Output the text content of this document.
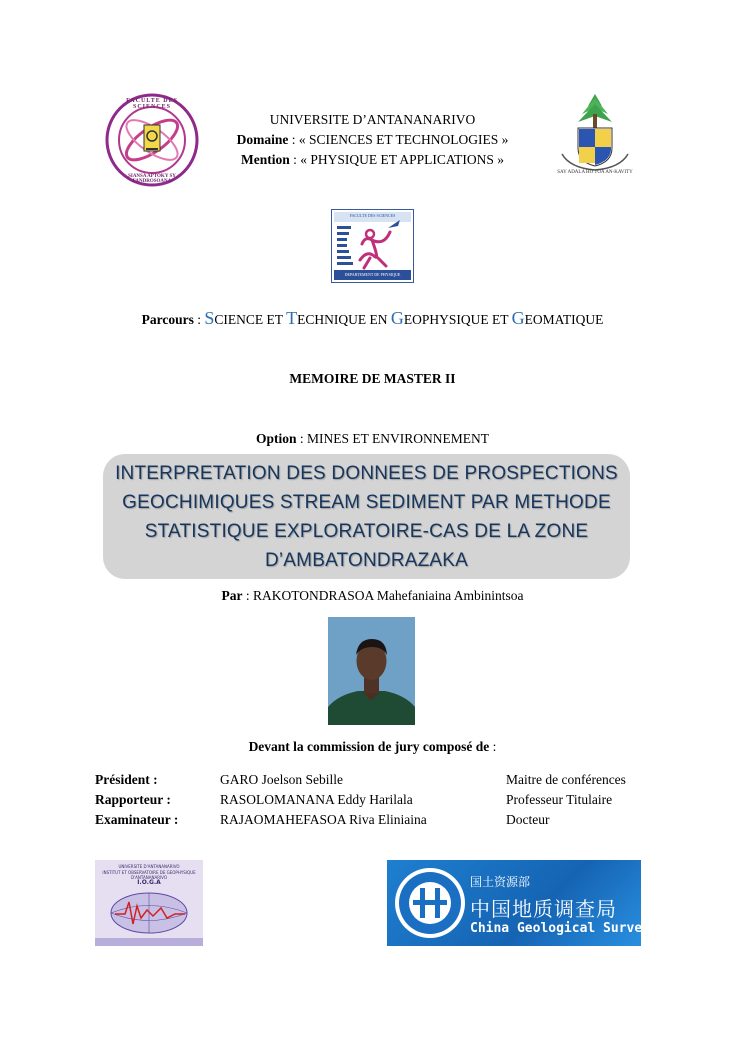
FACULTE DES SCIENCES
SIANSA APTOKY SY FANDROSOANA
UNIVERSITE D’ANTANANARIVO
Domaine : « SCIENCES ET TECHNOLOGIES »
Mention : « PHYSIQUE ET APPLICATIONS »
SAY ADALA HO TOA AN-KAVITY
FACULTE DES SCIENCES
DEPARTEMENT DE PHYSIQUE
Parcours : SCIENCE ET TECHNIQUE EN GEOPHYSIQUE ET GEOMATIQUE
MEMOIRE DE MASTER II
Option : MINES ET ENVIRONNEMENT
INTERPRETATION DES DONNEES DE PROSPECTIONS
GEOCHIMIQUES STREAM SEDIMENT PAR METHODE
STATISTIQUE EXPLORATOIRE-CAS DE LA ZONE
D’AMBATONDRAZAKA
Par : RAKOTONDRASOA Mahefaniaina Ambinintsoa
Devant la commission de jury composé de :
Président :	GARO Joelson Sebille	Maitre de conférences
Rapporteur :	RASOLOMANANA Eddy Harilala	Professeur Titulaire
Examinateur :	RAJAOMAHEFASOA Riva Eliniaina	Docteur
UNIVERSITE D'ANTANANARIVO
INSTITUT ET OBSERVATOIRE DE GEOPHYSIQUE D'ANTANANARIVO
I.O.G.A	国土资源部
中国地质调查局
China Geological Survey
